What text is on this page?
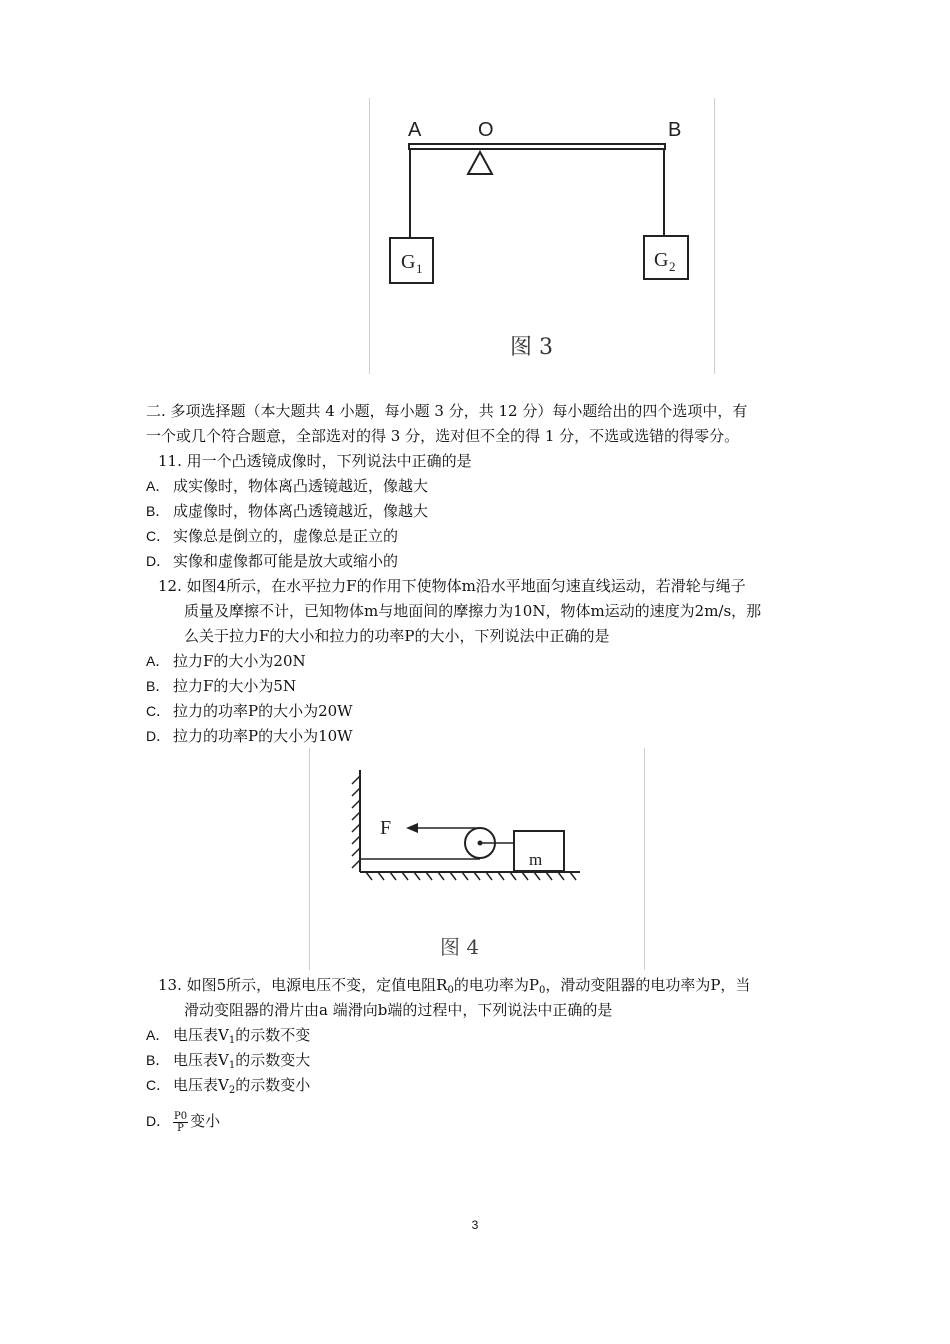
A	O	B
G 1	G 2
图 3
二. 多项选择题（本大题共 4 小题，每小题 3 分，共 12 分）每小题给出的四个选项中，有
一个或几个符合题意，全部选对的得 3 分，选对但不全的得 1 分，不选或选错的得零分。
11. 用一个凸透镜成像时，下列说法中正确的是
A． 成实像时，物体离凸透镜越近，像越大
B． 成虚像时，物体离凸透镜越近，像越大
C． 实像总是倒立的，虚像总是正立的
D． 实像和虚像都可能是放大或缩小的
12. 如图4所示，在水平拉力F的作用下使物体m沿水平地面匀速直线运动，若滑轮与绳子
质量及摩擦不计，已知物体m与地面间的摩擦力为10N，物体m运动的速度为2m/s，那
么关于拉力F的大小和拉力的功率P的大小，下列说法中正确的是
A． 拉力F的大小为20N
B． 拉力F的大小为5N
C． 拉力的功率P的大小为20W
D． 拉力的功率P的大小为10W
F
m
图 4
13. 如图5所示，电源电压不变，定值电阻$R_0$的电功率为$P_0$，滑动变阻器的电功率为P，当
滑动变阻器的滑片由a 端滑向b端的过程中，下列说法中正确的是
A． 电压表$V_1$的示数不变
B． 电压表$V_1$的示数变大
C． 电压表$V_2$的示数变小
D． $\frac{P0}{P}$ 变小
3
